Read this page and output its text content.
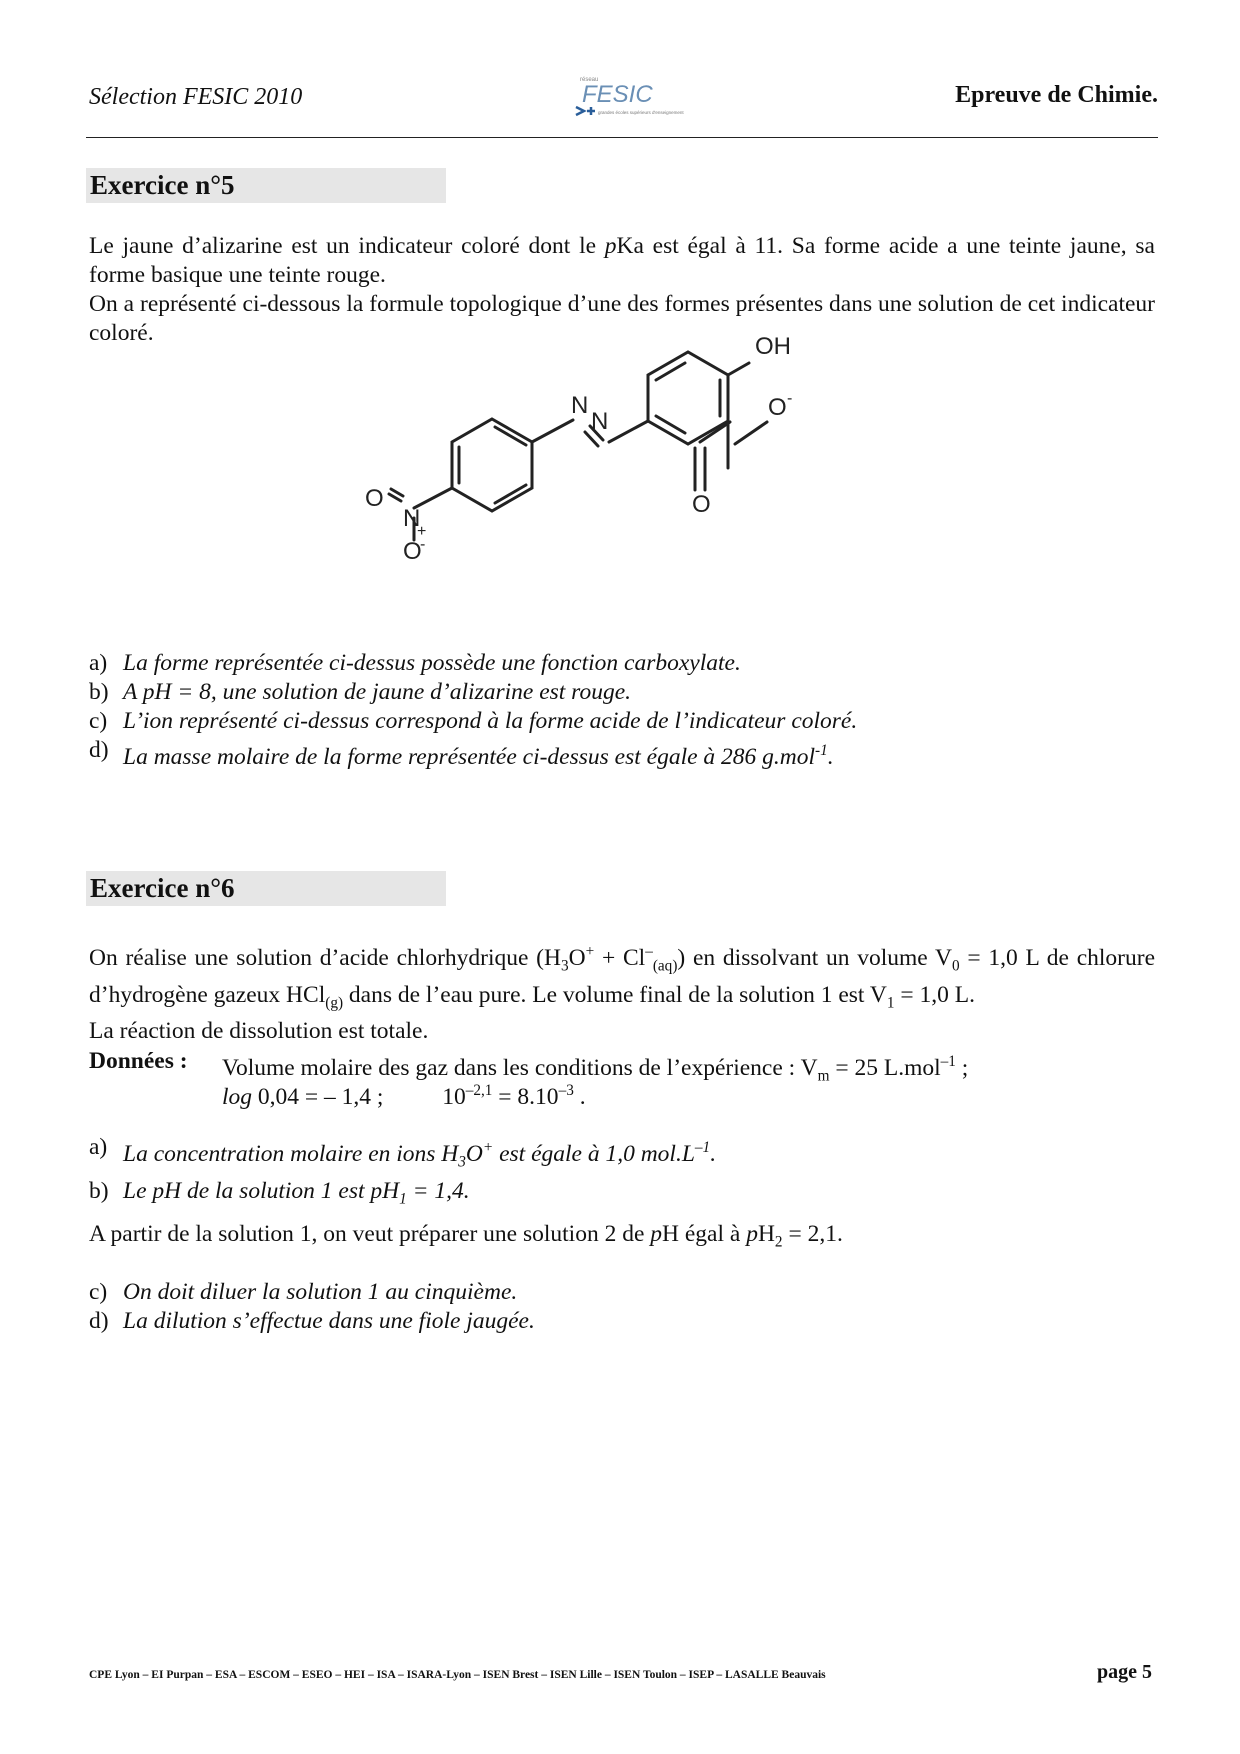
Sélection FESIC 2010
réseau
FESIC
grandes écoles supérieurs d'enseignement
Epreuve de Chimie.
Exercice n°5

Le jaune d’alizarine est un indicateur coloré dont le pKa est égal à 11. Sa forme acide a une teinte jaune, sa forme basique une teinte rouge.

On a représenté ci-dessous la formule topologique d’une des formes présentes dans une solution de cet indicateur coloré.	OH
N
N
O -
O
O
N
+
O
-
a) La forme représentée ci-dessus possède une fonction carboxylate.
b) A pH = 8, une solution de jaune d’alizarine est rouge.
c) L’ion représenté ci-dessus correspond à la forme acide de l’indicateur coloré.
d) La masse molaire de la forme représentée ci-dessus est égale à 286 g.mol$^{-1}$.
Exercice n°6

On réalise une solution d’acide chlorhydrique $(H_3O^+ + Cl^-_{(aq)})$ en dissolvant un volume $V_0 = 1,0$ L de chlorure d’hydrogène gazeux HCl$_{(g)}$ dans de l’eau pure. Le volume final de la solution 1 est $V_1 = 1,0$ L.

La réaction de dissolution est totale.

Données : Volume molaire des gaz dans les conditions de l’expérience : $V_m = 25$ L.mol$^{-1}$ ;
log 0,04 = – 1,4 ;          $10^{-2,1} = 8.10^{-3}$ .
a) La concentration molaire en ions $H_3O^+$ est égale à 1,0 $mol.L^{-1}$.
b) Le pH de la solution 1 est $pH_1 = 1,4$.

A partir de la solution 1, on veut préparer une solution 2 de pH égal à $pH_2 = 2,1$.

c) On doit diluer la solution 1 au cinquième.
d) La dilution s’effectue dans une fiole jaugée.
CPE Lyon – EI Purpan – ESA – ESCOM – ESEO – HEI – ISA – ISARA-Lyon – ISEN Brest – ISEN Lille – ISEN Toulon – ISEP – LASALLE Beauvais	page 5
